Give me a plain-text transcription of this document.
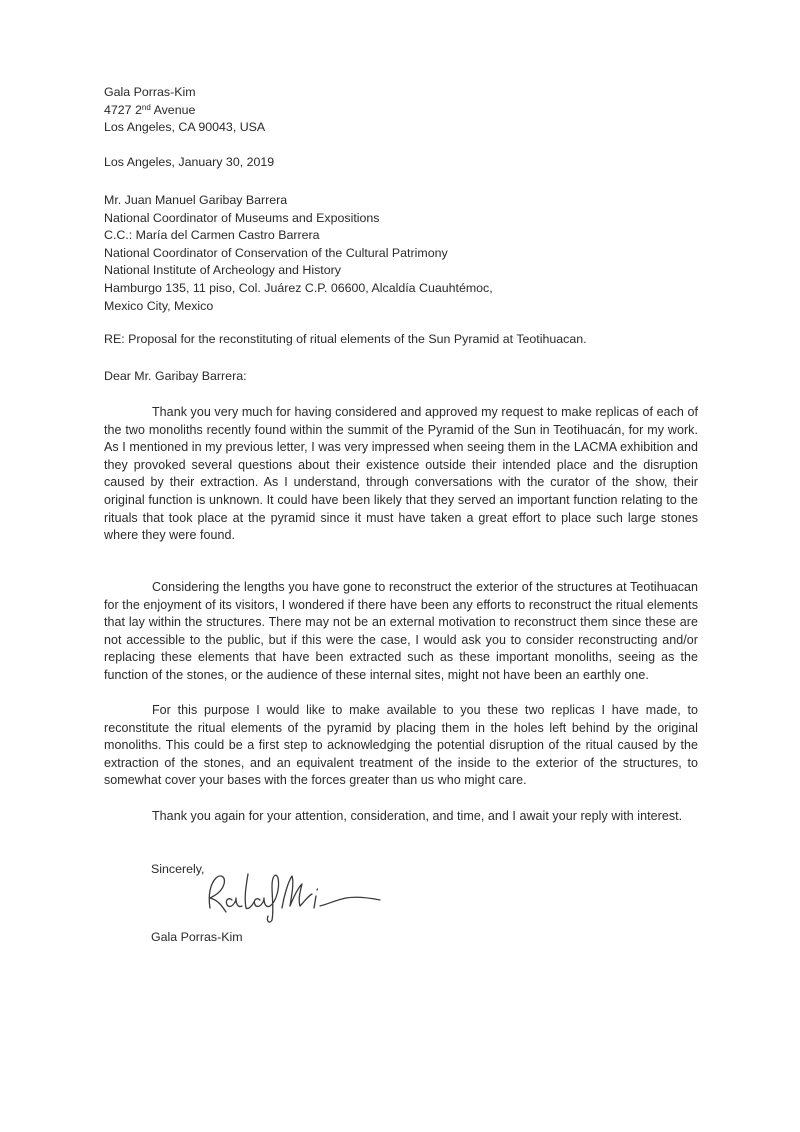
Gala Porras-Kim
4727 2nd Avenue
Los Angeles, CA 90043, USA
Los Angeles, January 30, 2019
Mr. Juan Manuel Garibay Barrera
National Coordinator of Museums and Expositions
C.C.: María del Carmen Castro Barrera
National Coordinator of Conservation of the Cultural Patrimony
National Institute of Archeology and History
Hamburgo 135, 11 piso, Col. Juárez C.P. 06600, Alcaldía Cuauhtémoc,
Mexico City, Mexico
RE: Proposal for the reconstituting of ritual elements of the Sun Pyramid at Teotihuacan.
Dear Mr. Garibay Barrera:

Thank you very much for having considered and approved my request to make replicas of each of the two monoliths recently found within the summit of the Pyramid of the Sun in Teotihuacán, for my work. As I mentioned in my previous letter, I was very impressed when seeing them in the LACMA exhibition and they provoked several questions about their existence outside their intended place and the disruption caused by their extraction. As I understand, through conversations with the curator of the show, their original function is unknown. It could have been likely that they served an important function relating to the rituals that took place at the pyramid since it must have taken a great effort to place such large stones where they were found.

Considering the lengths you have gone to reconstruct the exterior of the structures at Teotihuacan for the enjoyment of its visitors, I wondered if there have been any efforts to reconstruct the ritual elements that lay within the structures. There may not be an external motivation to reconstruct them since these are not accessible to the public, but if this were the case, I would ask you to consider reconstructing and/or replacing these elements that have been extracted such as these important monoliths, seeing as the function of the stones, or the audience of these internal sites, might not have been an earthly one.

For this purpose I would like to make available to you these two replicas I have made, to reconstitute the ritual elements of the pyramid by placing them in the holes left behind by the original monoliths. This could be a first step to acknowledging the potential disruption of the ritual caused by the extraction of the stones, and an equivalent treatment of the inside to the exterior of the structures, to somewhat cover your bases with the forces greater than us who might care.

Thank you again for your attention, consideration, and time, and I await your reply with interest.

Sincerely,
Gala Porras-Kim
